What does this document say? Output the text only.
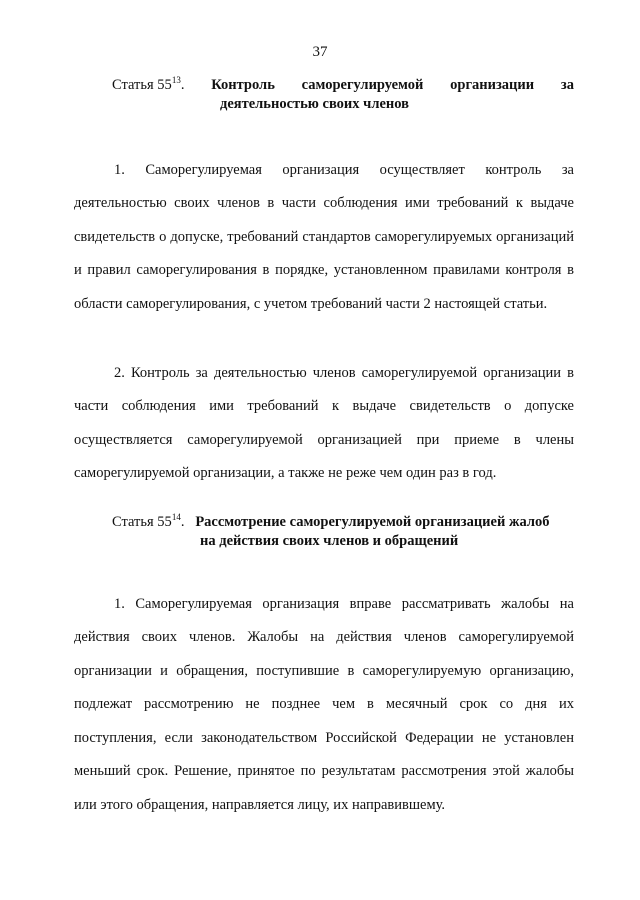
37
Статья $55^{13}$. Контроль саморегулируемой организации за
деятельностью своих членов

1. Саморегулируемая организация осуществляет контроль за деятельностью своих членов в части соблюдения ими требований к выдаче свидетельств о допуске, требований стандартов саморегулируемых организаций и правил саморегулирования в порядке, установленном правилами контроля в области саморегулирования, с учетом требований части 2 настоящей статьи.

2. Контроль за деятельностью членов саморегулируемой организации в части соблюдения ими требований к выдаче свидетельств о допуске осуществляется саморегулируемой организацией при приеме в члены саморегулируемой организации, а также не реже чем один раз в год.

Статья $55^{14}$. Рассмотрение саморегулируемой организацией жалоб
на действия своих членов и обращений

1. Саморегулируемая организация вправе рассматривать жалобы на действия своих членов. Жалобы на действия членов саморегулируемой организации и обращения, поступившие в саморегулируемую организацию, подлежат рассмотрению не позднее чем в месячный срок со дня их поступления, если законодательством Российской Федерации не установлен меньший срок. Решение, принятое по результатам рассмотрения этой жалобы или этого обращения, направляется лицу, их направившему.
